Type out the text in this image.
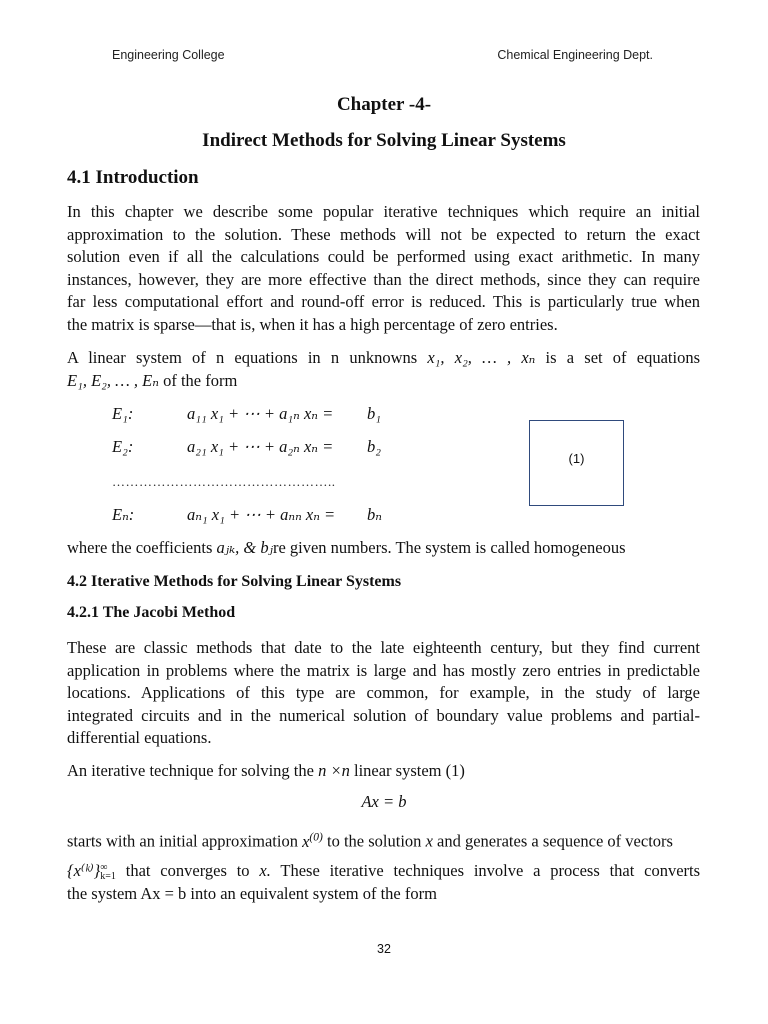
Engineering College	Chemical Engineering Dept.
Chapter -4-
Indirect Methods for Solving Linear Systems
4.1 Introduction
In this chapter we describe some popular iterative techniques which require an initial
approximation to the solution. These methods will not be expected to return the exact
solution even if all the calculations could be performed using exact arithmetic. In many
instances, however, they are more effective than the direct methods, since they can require
far less computational effort and round-off error is reduced. This is particularly true when
the matrix is sparse—that is, when it has a high percentage of zero entries.
A linear system of n equations in n unknowns x₁, x₂, … , xₙ is a set of equations
E₁, E₂, … , Eₙ of the form
E₁:	a₁₁ x₁ + ⋯ + a₁ₙ xₙ = b₁
E₂:	a₂₁ x₁ + ⋯ + a₂ₙ xₙ = b₂
…………………………………………..
Eₙ:	aₙ₁ x₁ + ⋯ + aₙₙ xₙ = bₙ
(1)
where the coefficients aⱼₖ, & bⱼre given numbers. The system is called homogeneous
4.2 Iterative Methods for Solving Linear Systems
4.2.1 The Jacobi Method
These are classic methods that date to the late eighteenth century, but they find current
application in problems where the matrix is large and has mostly zero entries in predictable
locations. Applications of this type are common, for example, in the study of large
integrated circuits and in the numerical solution of boundary value problems and partial-
differential equations.
An iterative technique for solving the n ×n linear system (1)
Ax = b
starts with an initial approximation $x^{(0)}$ to the solution x and generates a sequence of vectors
{x⁽ᵏ⁾} ∞
k=1 that converges to x. These iterative techniques involve a process that converts
the system Ax = b into an equivalent system of the form
32
